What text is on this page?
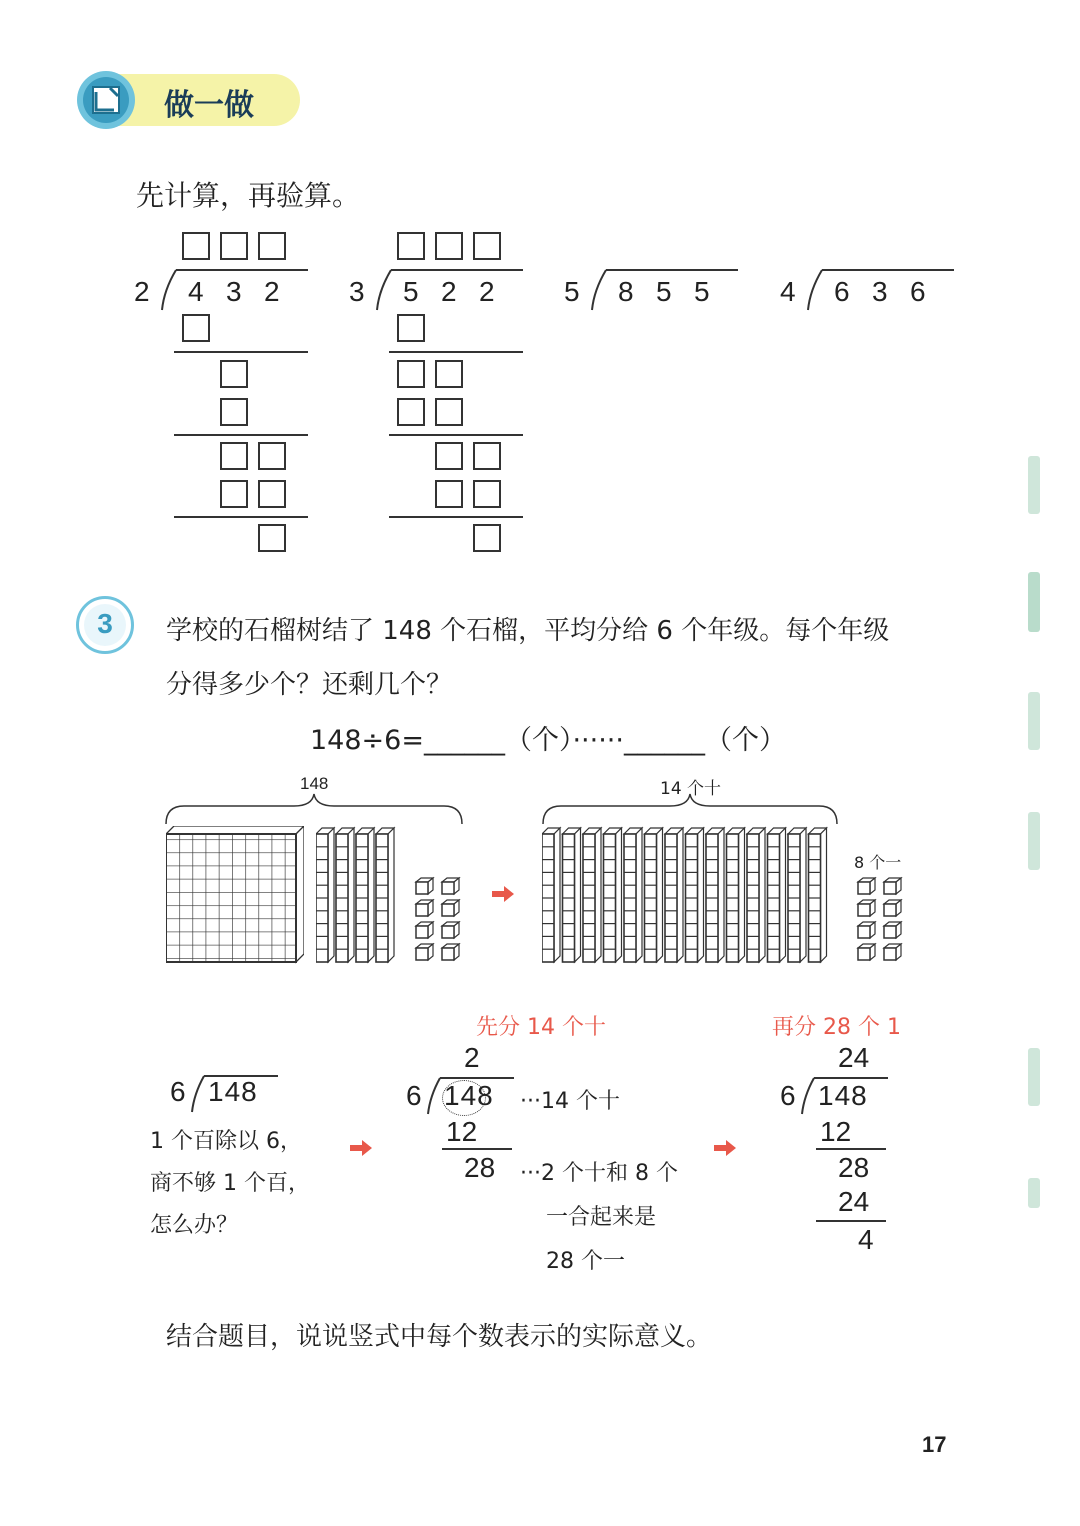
做一做
先计算，再验算。
2 4 3 2 3 5 2 2 5 8 5 5	4 6 3 6
3	学校的石榴树结了 148 个石榴，平均分给 6 个年级。每个年级
分得多少个？还剩几个？
148÷6=______（个）······______（个）
148	14 个十
8 个一
6 148
1 个百除以 6，
商不够 1 个百，
怎么办？
先分 14 个十
2
6 148
12
28
···14 个十
···2 个十和 8 个
一合起来是
28 个一
再分 28 个 1
24
6 148
12
28
24
4
结合题目，说说竖式中每个数表示的实际意义。
17
